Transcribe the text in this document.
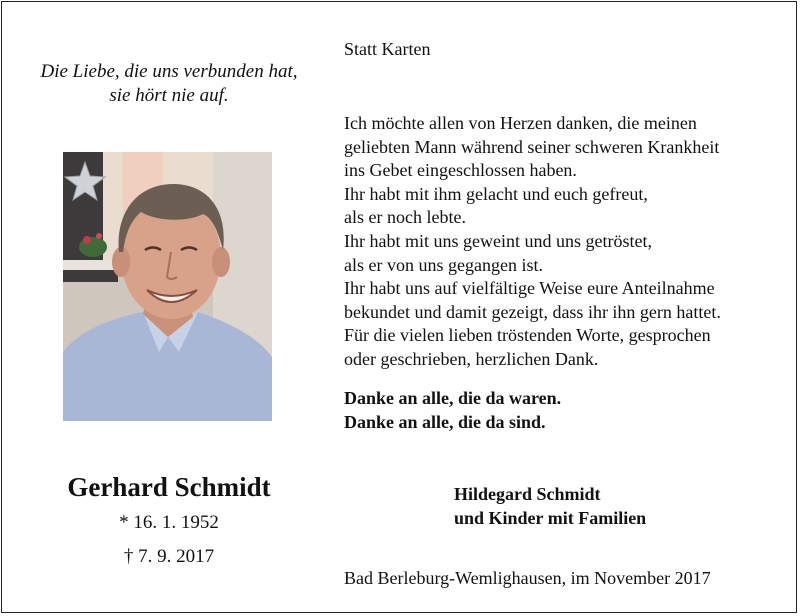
Die Liebe, die uns verbunden hat,
sie hört nie auf.
Gerhard Schmidt
* 16. 1. 1952
† 7. 9. 2017
Statt Karten
Ich möchte allen von Herzen danken, die meinen
geliebten Mann während seiner schweren Krankheit
ins Gebet eingeschlossen haben.
Ihr habt mit ihm gelacht und euch gefreut,
als er noch lebte.
Ihr habt mit uns geweint und uns getröstet,
als er von uns gegangen ist.
Ihr habt uns auf vielfältige Weise eure Anteilnahme
bekundet und damit gezeigt, dass ihr ihn gern hattet.
Für die vielen lieben tröstenden Worte, gesprochen
oder geschrieben, herzlichen Dank.
Danke an alle, die da waren.
Danke an alle, die da sind.
Hildegard Schmidt
und Kinder mit Familien
Bad Berleburg-Wemlighausen, im November 2017
